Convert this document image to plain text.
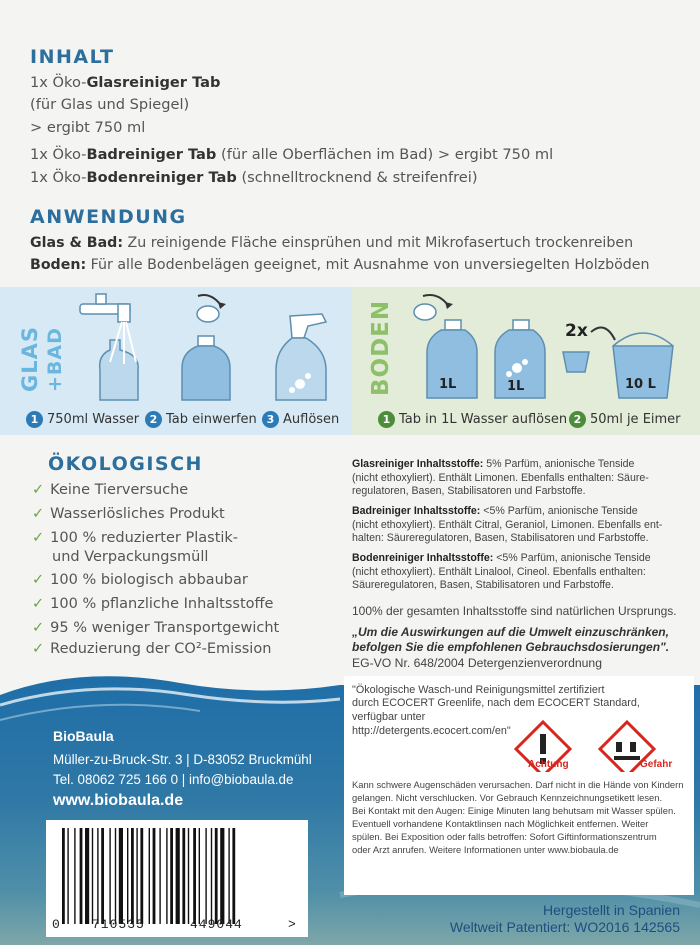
INHALT
1x Öko-Glasreiniger Tab
(für Glas und Spiegel)
> ergibt 750 ml
1x Öko-Badreiniger Tab (für alle Oberflächen im Bad) > ergibt 750 ml
1x Öko-Bodenreiniger Tab (schnelltrocknend & streifenfrei)
ANWENDUNG
Glas & Bad: Zu reinigende Fläche einsprühen und mit Mikrofasertuch trockenreiben
Boden: Für alle Bodenbelägen geeignet, mit Ausnahme von unversiegelten Holzböden
GLAS +BAD	BODEN
1 750ml Wasser 2 Tab einwerfen 3 Auflösen
1L	1L
2x
10 L
1 Tab in 1L Wasser auflösen 2 50ml je Eimer
ÖKOLOGISCH
✓ Keine Tierversuche
✓ Wasserlösliches Produkt
✓ 100 % reduzierter Plastik-
und Verpackungsmüll
✓ 100 % biologisch abbaubar
✓ 100 % pflanzliche Inhaltsstoffe
✓ 95 % weniger Transportgewicht
✓ Reduzierung der CO²-Emission
Glasreiniger Inhaltsstoffe: 5% Parfüm, anionische Tenside
(nicht ethoxyliert). Enthält Limonen. Ebenfalls enthalten: Säure-
regulatoren, Basen, Stabilisatoren und Farbstoffe.
Badreiniger Inhaltsstoffe: <5% Parfüm, anionische Tenside
(nicht ethoxyliert). Enthält Citral, Geraniol, Limonen. Ebenfalls ent-
halten: Säureregulatoren, Basen, Stabilisatoren und Farbstoffe.
Bodenreiniger Inhaltsstoffe: <5% Parfüm, anionische Tenside
(nicht ethoxyliert). Enthält Linalool, Cineol. Ebenfalls enthalten:
Säureregulatoren, Basen, Stabilisatoren und Farbstoffe.
100% der gesamten Inhaltsstoffe sind natürlichen Ursprungs.
„Um die Auswirkungen auf die Umwelt einzuschränken,
befolgen Sie die empfohlenen Gebrauchsdosierungen".
EG-VO Nr. 648/2004 Detergenzienverordnung
"Ökologische Wasch-und Reinigungsmittel zertifiziert
durch ECOCERT Greenlife, nach dem ECOCERT Standard,
verfügbar unter
http://detergents.ecocert.com/en"
Achtung	Gefahr
Kann schwere Augenschäden verursachen. Darf nicht in die Hände von Kindern
gelangen. Nicht verschlucken. Vor Gebrauch Kennzeichnungsetikett lesen.
Bei Kontakt mit den Augen: Einige Minuten lang behutsam mit Wasser spülen.
Eventuell vorhandene Kontaktlinsen nach Möglichkeit entfernen. Weiter
spülen. Bei Exposition oder falls betroffen: Sofort Giftinformationszentrum
oder Arzt anrufen. Weitere Informationen unter www.biobaula.de
BioBaula
Müller-zu-Bruck-Str. 3 | D-83052 Bruckmühl
Tel. 08062 725 166 0 | info@biobaula.de
www.biobaula.de
0 710535	449044	>
Hergestellt in Spanien
Weltweit Patentiert: WO2016 142565
